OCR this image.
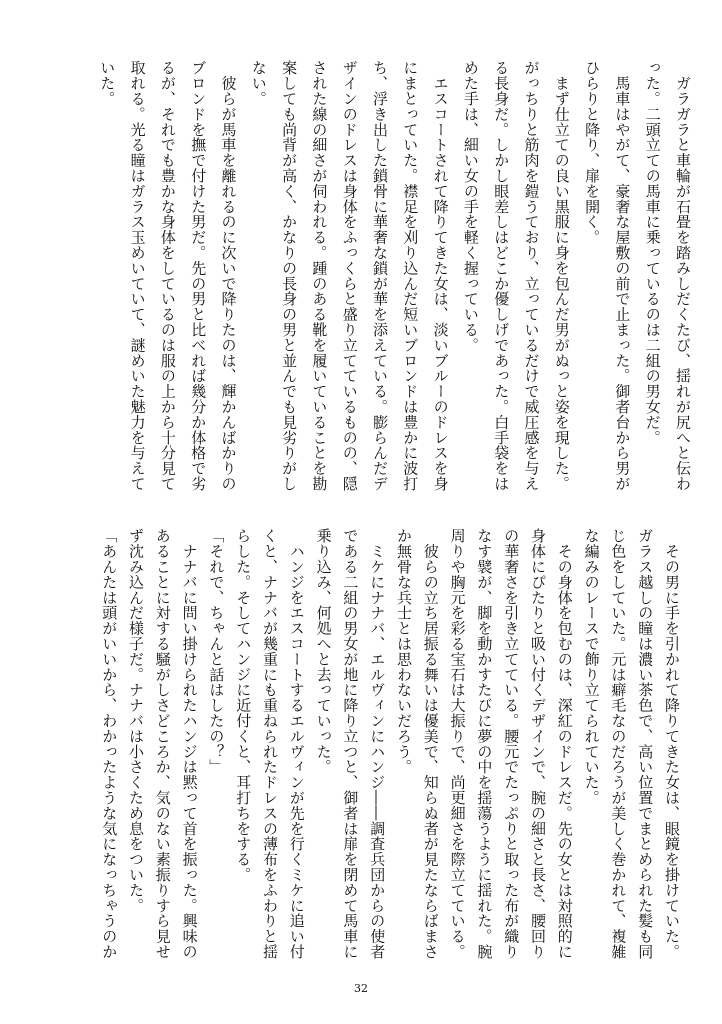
　ガラガラと車輪が石畳を踏みしだくたび、揺れが尻へと伝わ
った。二頭立ての馬車に乗っているのは二組の男女だ。
　馬車はやがて、豪奢な屋敷の前で止まった。御者台から男が
ひらりと降り、扉を開く。
　まず仕立ての良い黒服に身を包んだ男がぬっと姿を現した。
がっちりと筋肉を鎧うており、立っているだけで威圧感を与え
る長身だ。しかし眼差しはどこか優しげであった。白手袋をは
めた手は、細い女の手を軽く握っている。
　エスコートされて降りてきた女は、淡いブルーのドレスを身
にまとっていた。襟足を刈り込んだ短いブロンドは豊かに波打
ち、浮き出した鎖骨に華奢な鎖が華を添えている。膨らんだデ
ザインのドレスは身体をふっくらと盛り立てているものの、隠
された線の細さが伺われる。踵のある靴を履いていることを勘
案しても尚背が高く、かなりの長身の男と並んでも見劣りがし
ない。
　彼らが馬車を離れるのに次いで降りたのは、輝かんばかりの
ブロンドを撫で付けた男だ。先の男と比べれば幾分か体格で劣
るが、それでも豊かな身体をしているのは服の上から十分見て
取れる。光る瞳はガラス玉めいていて、謎めいた魅力を与えて
いた。
　その男に手を引かれて降りてきた女は、眼鏡を掛けていた。
ガラス越しの瞳は濃い茶色で、高い位置でまとめられた髪も同
じ色をしていた。元は癖毛なのだろうが美しく巻かれて、複雑
な編みのレースで飾り立てられていた。
　その身体を包むのは、深紅のドレスだ。先の女とは対照的に
身体にぴたりと吸い付くデザインで、腕の細さと長さ、腰回り
の華奢さを引き立てている。腰元でたっぷりと取った布が織り
なす襞が、脚を動かすたびに夢の中を揺蕩うように揺れた。腕
周りや胸元を彩る宝石は大振りで、尚更細さを際立てている。
　彼らの立ち居振る舞いは優美で、知らぬ者が見たならばまさ
か無骨な兵士とは思わないだろう。
　ミケにナナバ、エルヴィンにハンジ――調査兵団からの使者
である二組の男女が地に降り立つと、御者は扉を閉めて馬車に
乗り込み、何処へと去っていった。
　ハンジをエスコートするエルヴィンが先を行くミケに追い付
くと、ナナバが幾重にも重ねられたドレスの薄布をふわりと揺
らした。そしてハンジに近付くと、耳打ちをする。
「それで、ちゃんと話はしたの？」
　ナナバに問い掛けられたハンジは黙って首を振った。興味の
あることに対する騒がしさどころか、気のない素振りすら見せ
ず沈み込んだ様子だ。ナナバは小さくため息をついた。
「あんたは頭がいいから、わかったような気になっちゃうのか
32
